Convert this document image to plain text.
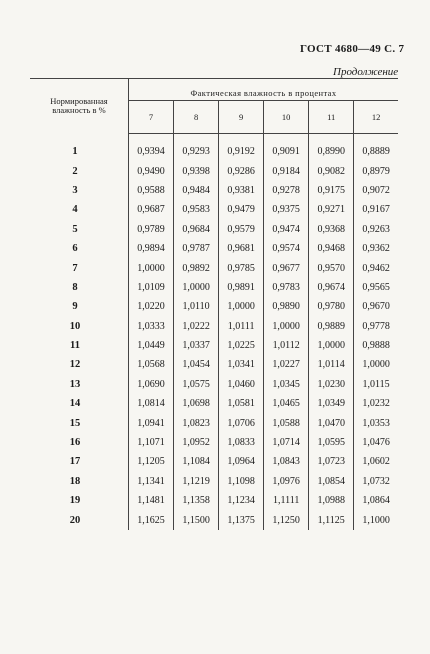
ГОСТ 4680—49 С. 7
Продолжение
Нормированная влажность в %	Фактическая влажность в процентах					
	7	8	9	10	11	12

1	0,9394	0,9293	0,9192	0,9091	0,8990	0,8889
2	0,9490	0,9398	0,9286	0,9184	0,9082	0,8979
3	0,9588	0,9484	0,9381	0,9278	0,9175	0,9072
4	0,9687	0,9583	0,9479	0,9375	0,9271	0,9167
5	0,9789	0,9684	0,9579	0,9474	0,9368	0,9263
6	0,9894	0,9787	0,9681	0,9574	0,9468	0,9362
7	1,0000	0,9892	0,9785	0,9677	0,9570	0,9462
8	1,0109	1,0000	0,9891	0,9783	0,9674	0,9565
9	1,0220	1,0110	1,0000	0,9890	0,9780	0,9670
10	1,0333	1,0222	1,0111	1,0000	0,9889	0,9778
11	1,0449	1,0337	1,0225	1,0112	1,0000	0,9888
12	1,0568	1,0454	1,0341	1,0227	1,0114	1,0000
13	1,0690	1,0575	1,0460	1,0345	1,0230	1,0115
14	1,0814	1,0698	1,0581	1,0465	1,0349	1,0232
15	1,0941	1,0823	1,0706	1,0588	1,0470	1,0353
16	1,1071	1,0952	1,0833	1,0714	1,0595	1,0476
17	1,1205	1,1084	1,0964	1,0843	1,0723	1,0602
18	1,1341	1,1219	1,1098	1,0976	1,0854	1,0732
19	1,1481	1,1358	1,1234	1,1111	1,0988	1,0864
20	1,1625	1,1500	1,1375	1,1250	1,1125	1,1000
